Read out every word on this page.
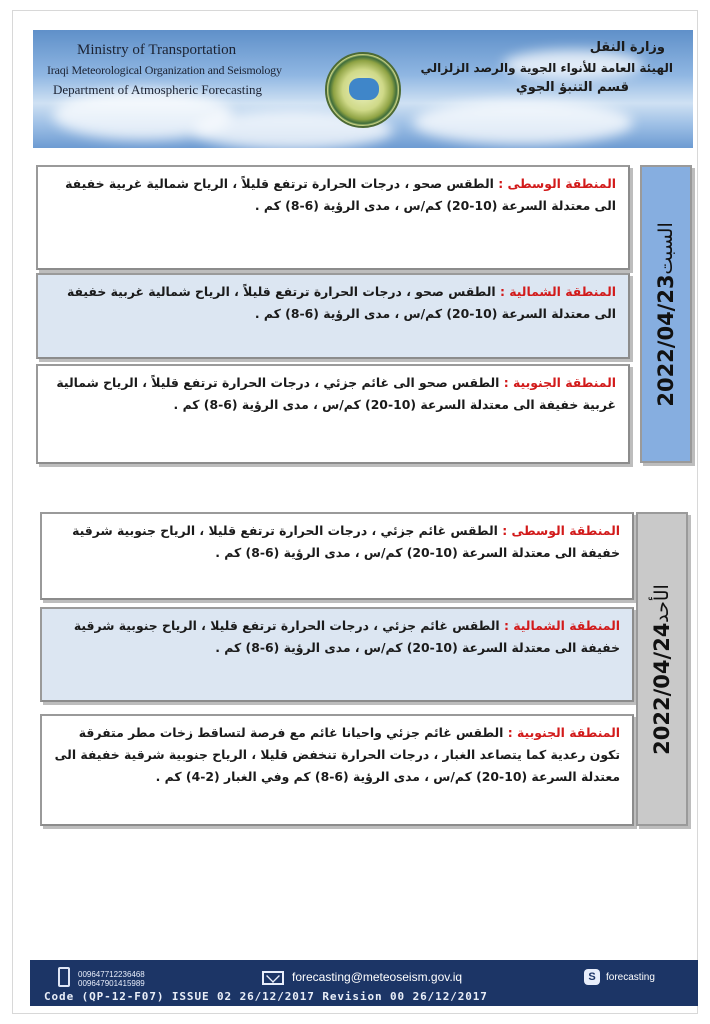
Ministry of Transportation
Iraqi Meteorological Organization and Seismology
Department of Atmospheric Forecasting
وزارة النقل
الهيئة العامة للأنواء الجوية والرصد الزلزالي
قسم التنبؤ الجوي
المنطقة الوسطى : الطقس صحو ، درجات الحرارة ترتفع قليلاً ، الرياح شمالية غربية خفيفة الى معتدلة السرعة (10-20) كم/س ، مدى الرؤية (6-8) كم .
المنطقة الشمالية : الطقس صحو ، درجات الحرارة ترتفع قليلاً ، الرياح شمالية غربية خفيفة الى معتدلة السرعة (10-20) كم/س ، مدى الرؤية (6-8) كم .
المنطقة الجنوبية : الطقس صحو الى غائم جزئي ، درجات الحرارة ترتفع قليلاً ، الرياح شمالية غربية خفيفة الى معتدلة السرعة (10-20) كم/س ، مدى الرؤية (6-8) كم .	2022/04/23السبت
المنطقة الوسطى : الطقس غائم جزئي ، درجات الحرارة ترتفع قليلا ، الرياح جنوبية شرقية خفيفة الى معتدلة السرعة (10-20) كم/س ، مدى الرؤية (6-8) كم .
المنطقة الشمالية : الطقس غائم جزئي ، درجات الحرارة ترتفع قليلا ، الرياح جنوبية شرقية خفيفة الى معتدلة السرعة (10-20) كم/س ، مدى الرؤية (6-8) كم .
المنطقة الجنوبية : الطقس غائم جزئي واحيانا غائم مع فرصة لتساقط زخات مطر متفرقة تكون رعدية كما يتصاعد الغبار ، درجات الحرارة تنخفض قليلا ، الرياح جنوبية شرقية خفيفة الى معتدلة السرعة (10-20) كم/س ، مدى الرؤية (6-8) كم وفي الغبار (2-4) كم .
2022/04/24الأحد
009647712236468
009647901415989	forecasting@meteoseism.gov.iq	S	forecasting
Code (QP-12-F07) ISSUE 02 26/12/2017 Revision 00 26/12/2017
